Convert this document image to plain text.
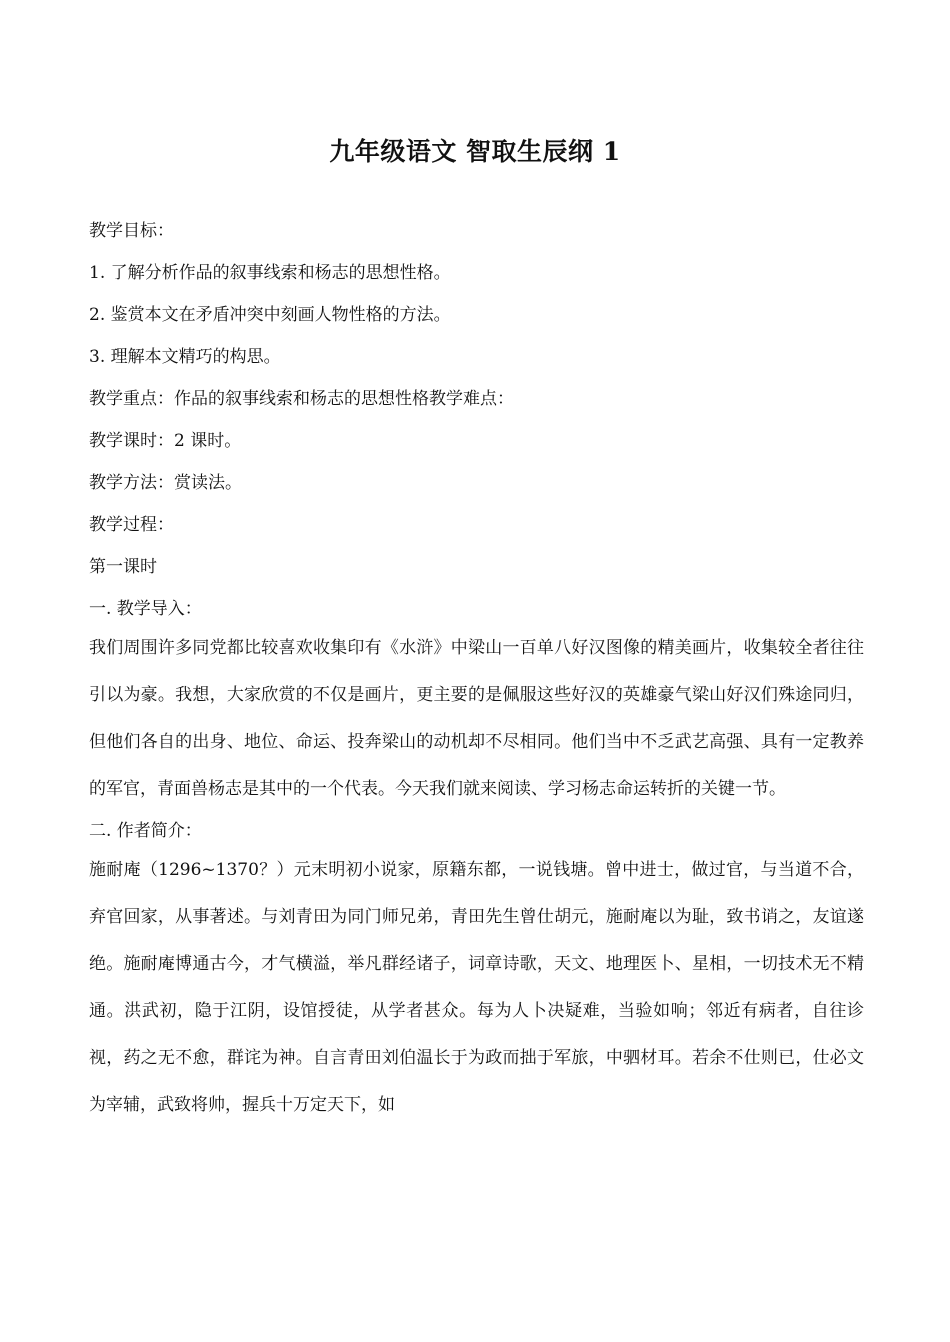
九年级语文 智取生辰纲 1
教学目标：
1. 了解分析作品的叙事线索和杨志的思想性格。
2. 鉴赏本文在矛盾冲突中刻画人物性格的方法。
3. 理解本文精巧的构思。
教学重点：作品的叙事线索和杨志的思想性格教学难点：
教学课时：2 课时。
教学方法：赏读法。
教学过程：
第一课时
一. 教学导入：

我们周围许多同党都比较喜欢收集印有《水浒》中梁山一百单八好汉图像的精美画片，收集较全者往往引以为豪。我想，大家欣赏的不仅是画片，更主要的是佩服这些好汉的英雄豪气梁山好汉们殊途同归，但他们各自的出身、地位、命运、投奔梁山的动机却不尽相同。他们当中不乏武艺高强、具有一定教养的军官，青面兽杨志是其中的一个代表。今天我们就来阅读、学习杨志命运转折的关键一节。

二. 作者简介：

施耐庵（1296~1370？）元末明初小说家，原籍东都，一说钱塘。曾中进士，做过官，与当道不合，弃官回家，从事著述。与刘青田为同门师兄弟，青田先生曾仕胡元，施耐庵以为耻，致书诮之，友谊遂绝。施耐庵博通古今，才气横溢，举凡群经诸子，词章诗歌，天文、地理医卜、星相，一切技术无不精通。洪武初，隐于江阴，设馆授徒，从学者甚众。每为人卜决疑难，当验如响；邻近有病者，自往诊视，药之无不愈，群诧为神。自言青田刘伯温长于为政而拙于军旅，中驷材耳。若余不仕则已，仕必文为宰辅，武致将帅，握兵十万定天下，如
